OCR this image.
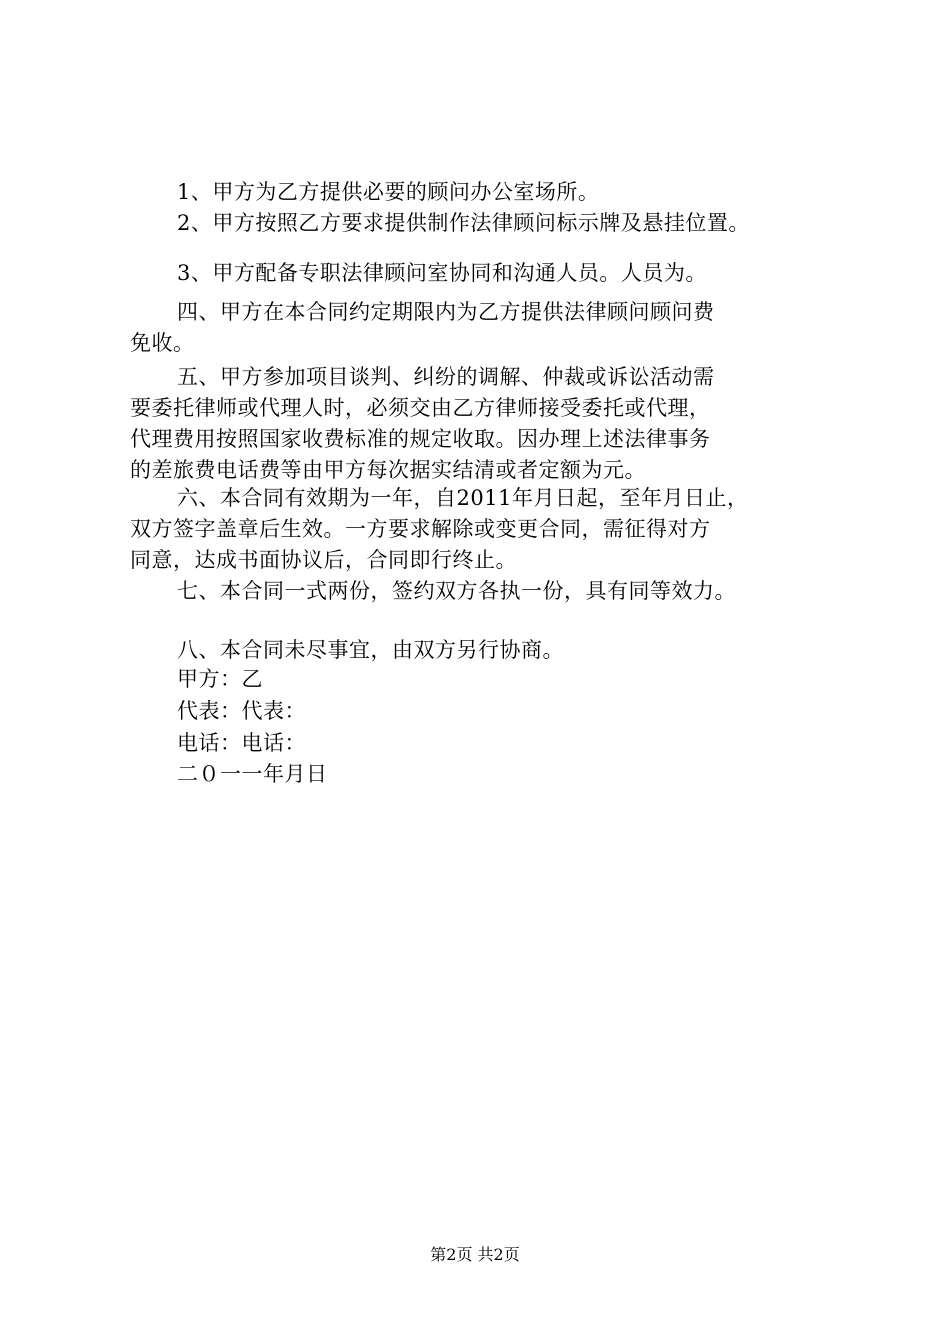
1、甲方为乙方提供必要的顾问办公室场所。
2、甲方按照乙方要求提供制作法律顾问标示牌及悬挂位置。
3、甲方配备专职法律顾问室协同和沟通人员。人员为。
四、甲方在本合同约定期限内为乙方提供法律顾问顾问费
免收。
五、甲方参加项目谈判、纠纷的调解、仲裁或诉讼活动需
要委托律师或代理人时，必须交由乙方律师接受委托或代理，
代理费用按照国家收费标准的规定收取。因办理上述法律事务
的差旅费电话费等由甲方每次据实结清或者定额为元。
六、本合同有效期为一年，自2011年月日起，至年月日止，
双方签字盖章后生效。一方要求解除或变更合同，需征得对方
同意，达成书面协议后，合同即行终止。
七、本合同一式两份，签约双方各执一份，具有同等效力。
八、本合同未尽事宜，由双方另行协商。
甲方：乙
代表：代表：
电话：电话：
二０一一年月日
第2页 共2页
